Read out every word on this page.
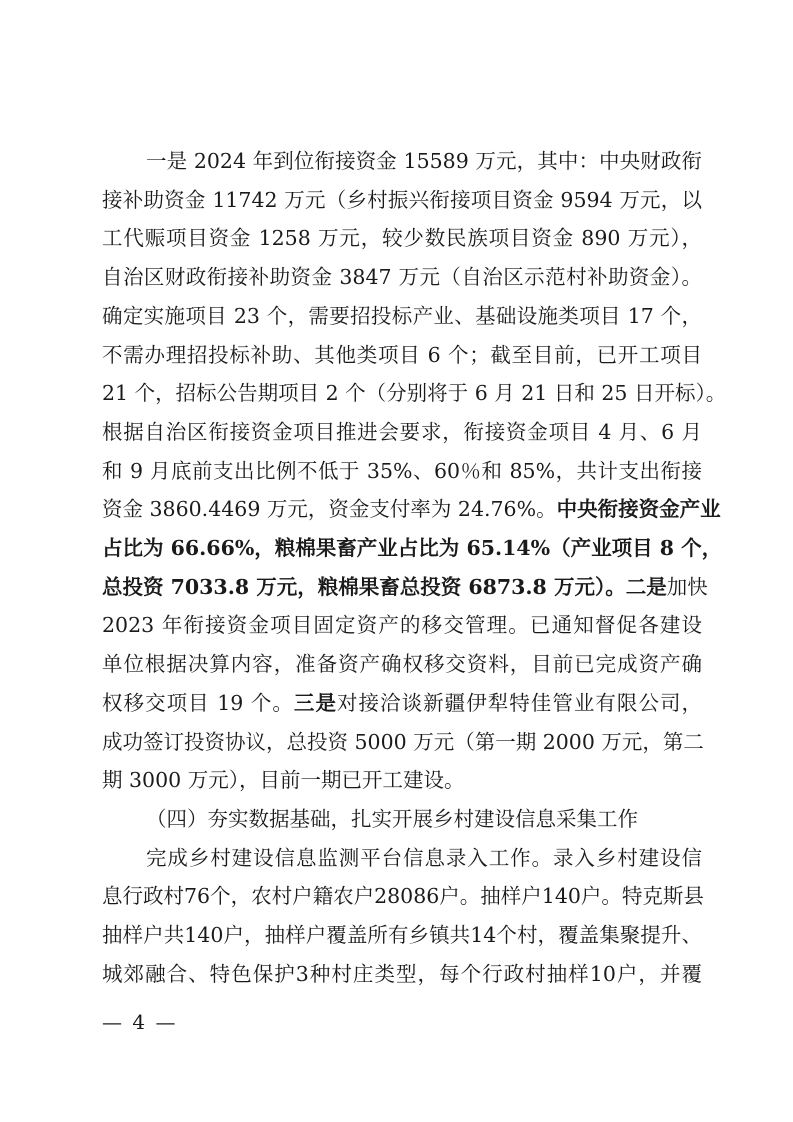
一是 2024 年到位衔接资金 15589 万元，其中：中央财政衔
接补助资金 11742 万元（乡村振兴衔接项目资金 9594 万元，以
工代赈项目资金 1258 万元，较少数民族项目资金 890 万元），
自治区财政衔接补助资金 3847 万元（自治区示范村补助资金）。
确定实施项目 23 个，需要招投标产业、基础设施类项目 17 个，
不需办理招投标补助、其他类项目 6 个；截至目前，已开工项目
21 个，招标公告期项目 2 个（分别将于 6 月 21 日和 25 日开标）。
根据自治区衔接资金项目推进会要求，衔接资金项目 4 月、6 月
和 9 月底前支出比例不低于 35%、60％和 85%，共计支出衔接
资金 3860.4469 万元，资金支付率为 24.76%。中央衔接资金产业
占比为 66.66%，粮棉果畜产业占比为 65.14%（产业项目 8 个，
总投资 7033.8 万元，粮棉果畜总投资 6873.8 万元）。二是加快
2023 年衔接资金项目固定资产的移交管理。已通知督促各建设
单位根据决算内容，准备资产确权移交资料，目前已完成资产确
权移交项目 19 个。三是对接洽谈新疆伊犁特佳管业有限公司，
成功签订投资协议，总投资 5000 万元（第一期 2000 万元，第二
期 3000 万元），目前一期已开工建设。
（四）夯实数据基础，扎实开展乡村建设信息采集工作
完成乡村建设信息监测平台信息录入工作。录入乡村建设信
息行政村76个，农村户籍农户28086户。抽样户140户。特克斯县
抽样户共140户，抽样户覆盖所有乡镇共14个村，覆盖集聚提升、
城郊融合、特色保护3种村庄类型，每个行政村抽样10户，并覆
— 4 —
